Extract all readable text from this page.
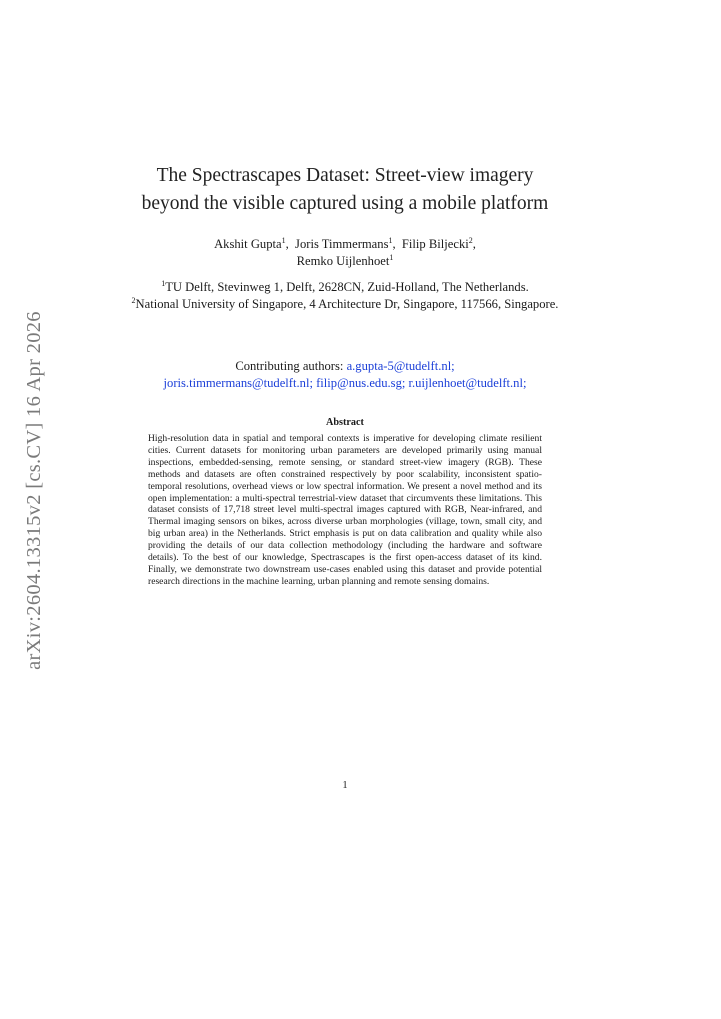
arXiv:2604.13315v2 [cs.CV] 16 Apr 2026
The Spectrascapes Dataset: Street-view imagery
beyond the visible captured using a mobile platform
Akshit Gupta$^1$,  Joris Timmermans$^1$,  Filip Biljecki$^2$,
Remko Uijlenhoet$^1$
$^1$TU Delft, Stevinweg 1, Delft, 2628CN, Zuid-Holland, The Netherlands.
$^2$National University of Singapore, 4 Architecture Dr, Singapore, 117566, Singapore.
Contributing authors: a.gupta-5@tudelft.nl;
joris.timmermans@tudelft.nl; filip@nus.edu.sg; r.uijlenhoet@tudelft.nl;
Abstract
High-resolution data in spatial and temporal contexts is imperative for developing climate resilient cities. Current datasets for monitoring urban parameters are developed primarily using manual inspections, embedded-sensing, remote sensing, or standard street-view imagery (RGB). These methods and datasets are often constrained respectively by poor scalability, inconsistent spatio-temporal resolutions, overhead views or low spectral information. We present a novel method and its open implementation: a multi-spectral terrestrial-view dataset that circumvents these limitations. This dataset consists of 17,718 street level multi-spectral images captured with RGB, Near-infrared, and Thermal imaging sensors on bikes, across diverse urban morphologies (village, town, small city, and big urban area) in the Netherlands. Strict emphasis is put on data calibration and quality while also providing the details of our data collection methodology (including the hardware and software details). To the best of our knowledge, Spectrascapes is the first open-access dataset of its kind. Finally, we demonstrate two downstream use-cases enabled using this dataset and provide potential research directions in the machine learning, urban planning and remote sensing domains.
1
